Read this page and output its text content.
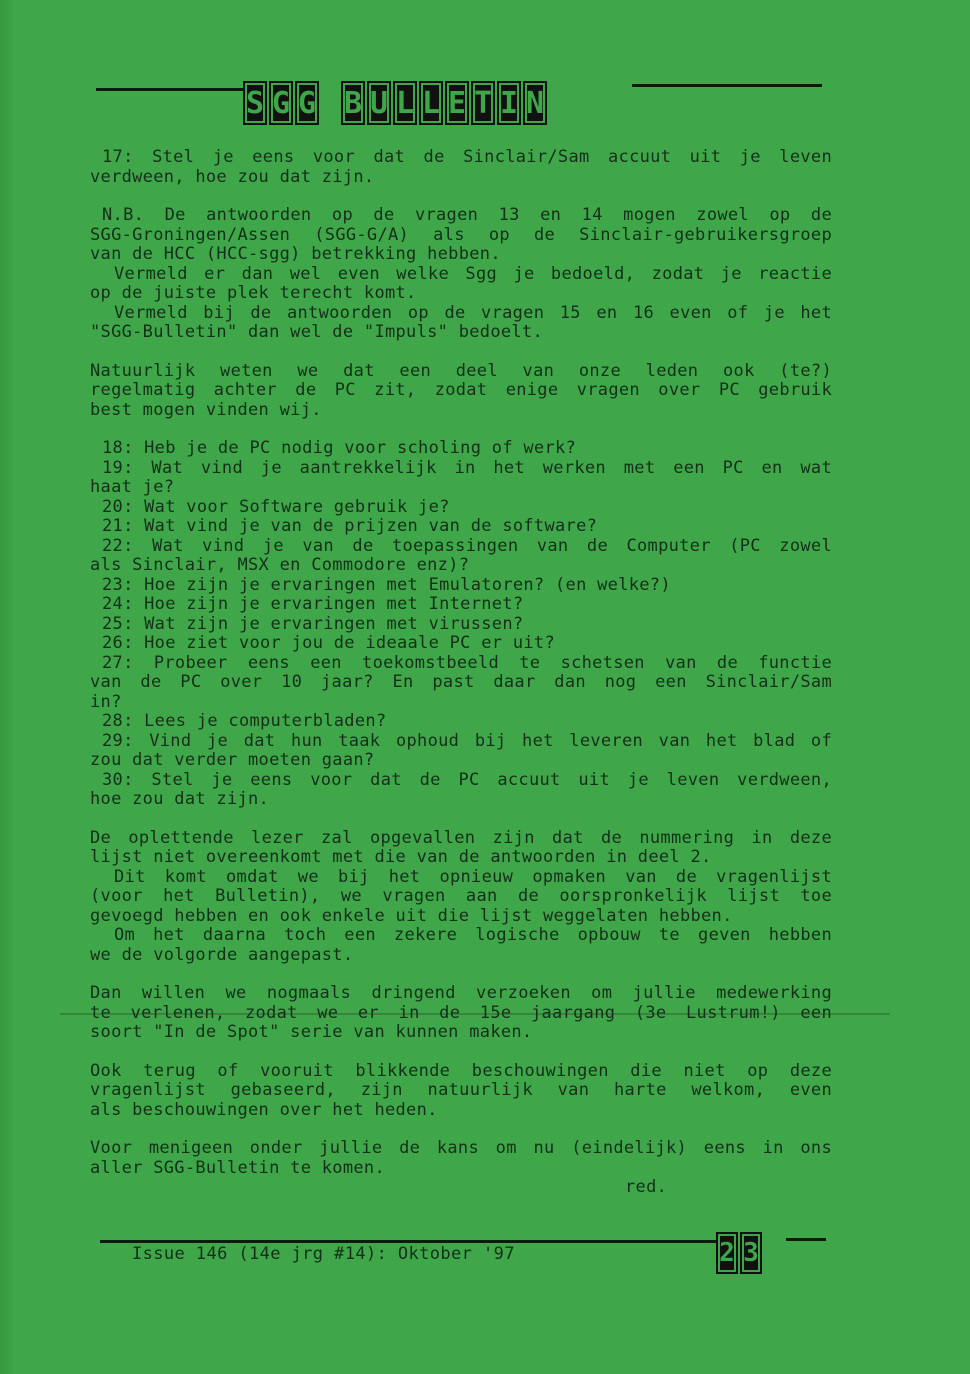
S G G B U L L E T I N
17: Stel je eens voor dat de Sinclair/Sam accuut uit je leven
verdween, hoe zou dat zijn.
N.B. De antwoorden op de vragen 13 en 14 mogen zowel op de
SGG-Groningen/Assen (SGG-G/A) als op de Sinclair-gebruikersgroep
van de HCC (HCC-sgg) betrekking hebben.
Vermeld er dan wel even welke Sgg je bedoeld, zodat je reactie
op de juiste plek terecht komt.
Vermeld bij de antwoorden op de vragen 15 en 16 even of je het
"SGG-Bulletin" dan wel de "Impuls" bedoelt.
Natuurlijk weten we dat een deel van onze leden ook (te?)
regelmatig achter de PC zit, zodat enige vragen over PC gebruik
best mogen vinden wij.
18: Heb je de PC nodig voor scholing of werk?
19: Wat vind je aantrekkelijk in het werken met een PC en wat
haat je?
20: Wat voor Software gebruik je?
21: Wat vind je van de prijzen van de software?
22: Wat vind je van de toepassingen van de Computer (PC zowel
als Sinclair, MSX en Commodore enz)?
23: Hoe zijn je ervaringen met Emulatoren? (en welke?)
24: Hoe zijn je ervaringen met Internet?
25: Wat zijn je ervaringen met virussen?
26: Hoe ziet voor jou de ideaale PC er uit?
27: Probeer eens een toekomstbeeld te schetsen van de functie
van de PC over 10 jaar? En past daar dan nog een Sinclair/Sam
in?
28: Lees je computerbladen?
29: Vind je dat hun taak ophoud bij het leveren van het blad of
zou dat verder moeten gaan?
30: Stel je eens voor dat de PC accuut uit je leven verdween,
hoe zou dat zijn.
De oplettende lezer zal opgevallen zijn dat de nummering in deze
lijst niet overeenkomt met die van de antwoorden in deel 2.
Dit komt omdat we bij het opnieuw opmaken van de vragenlijst
(voor het Bulletin), we vragen aan de oorspronkelijk lijst toe
gevoegd hebben en ook enkele uit die lijst weggelaten hebben.
Om het daarna toch een zekere logische opbouw te geven hebben
we de volgorde aangepast.
Dan willen we nogmaals dringend verzoeken om jullie medewerking
te verlenen, zodat we er in de 15e jaargang (3e Lustrum!) een
soort "In de Spot" serie van kunnen maken.
Ook terug of vooruit blikkende beschouwingen die niet op deze
vragenlijst gebaseerd, zijn natuurlijk van harte welkom, even
als beschouwingen over het heden.
Voor menigeen onder jullie de kans om nu (eindelijk) eens in ons
aller SGG-Bulletin te komen.
red.
Issue 146 (14e jrg #14): Oktober '97	2 3
